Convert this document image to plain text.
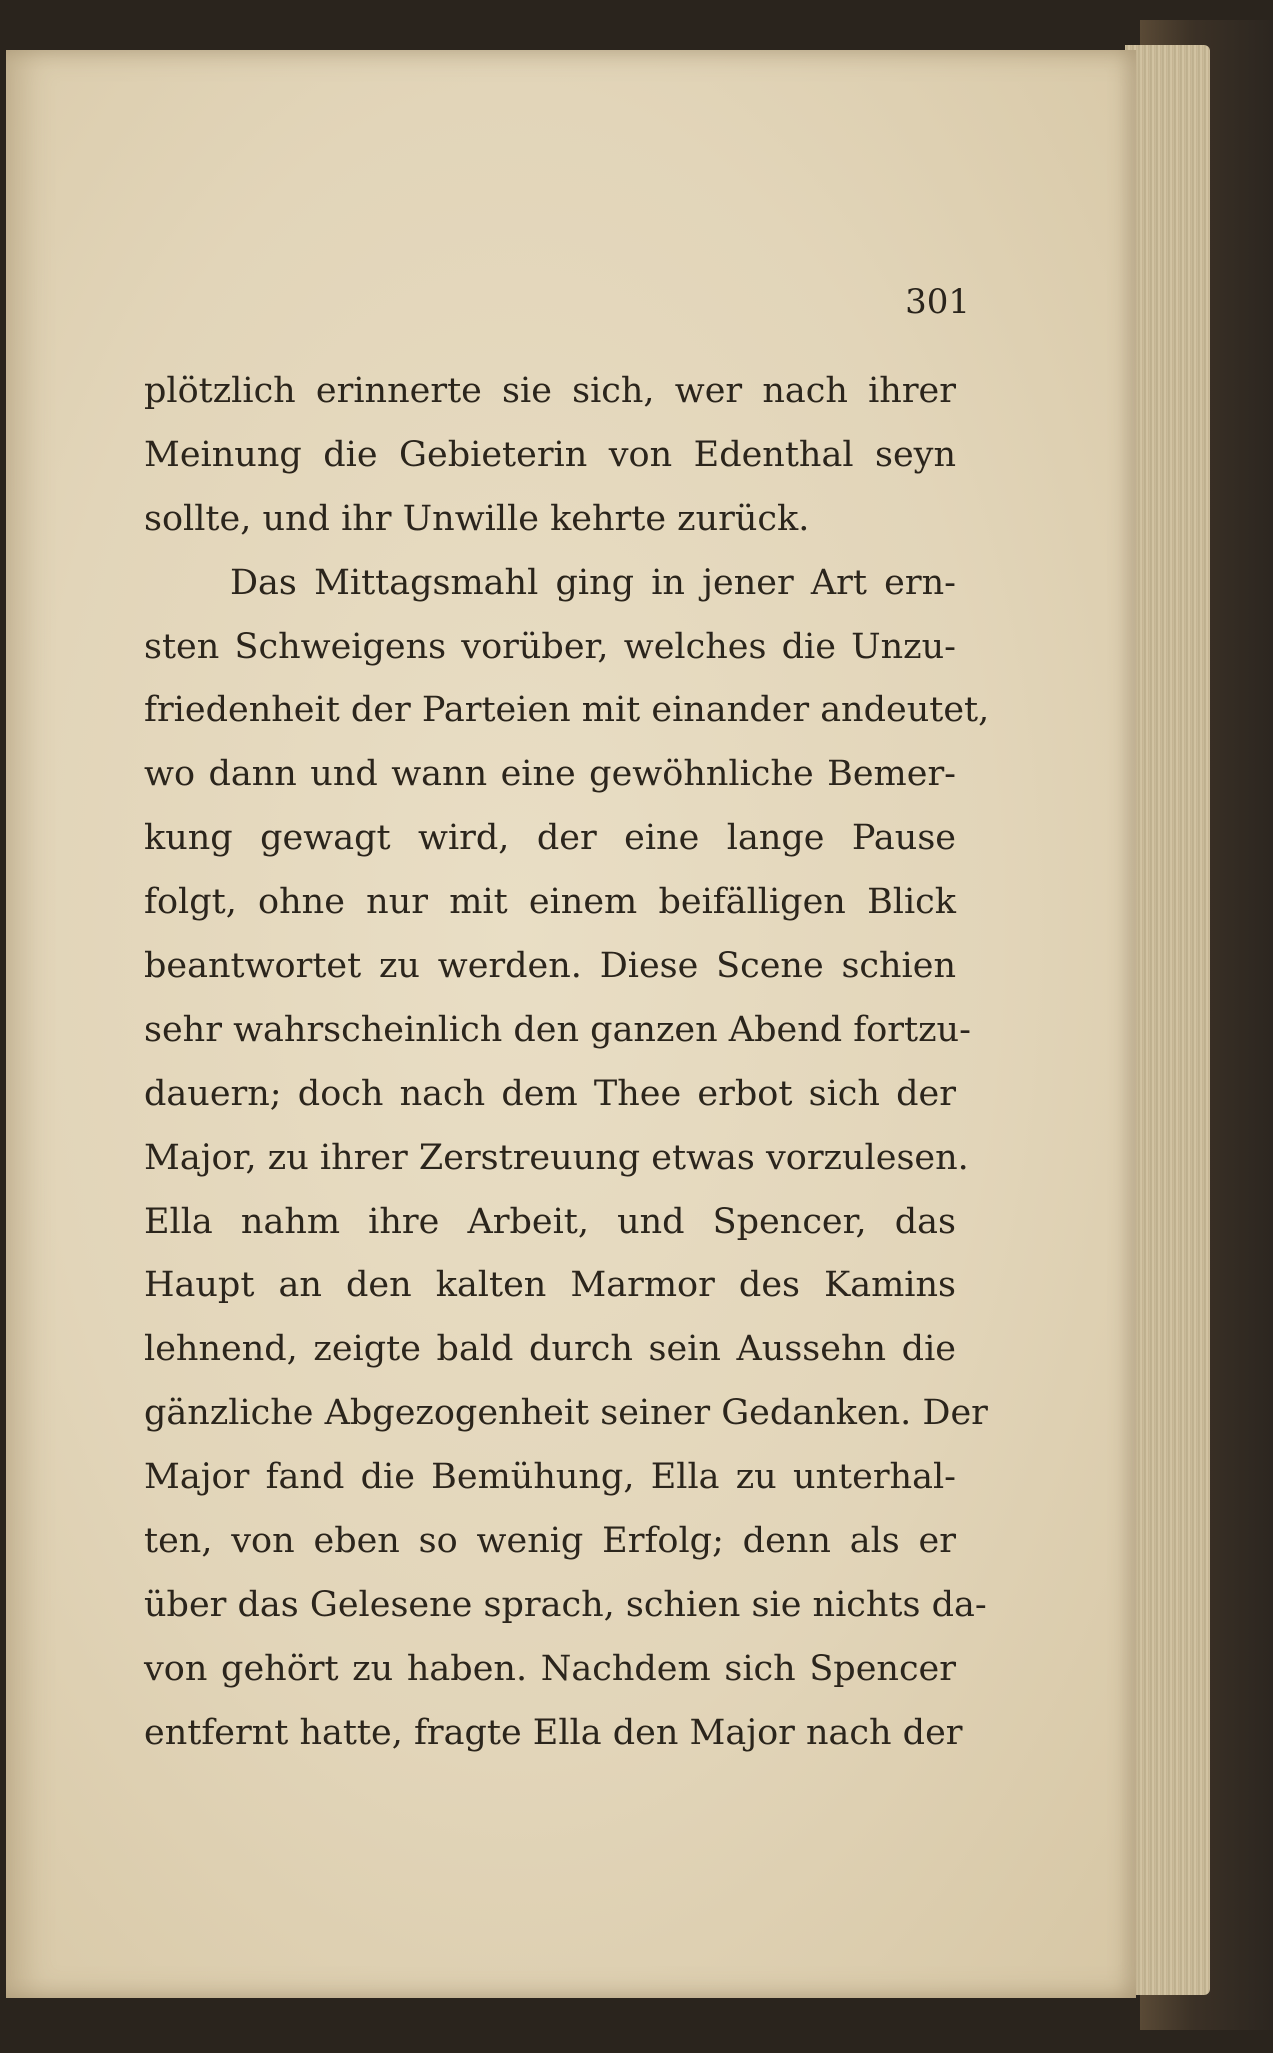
301
plötzlich erinnerte sie sich, wer nach ihrer
Meinung die Gebieterin von Edenthal seyn
sollte, und ihr Unwille kehrte zurück.
Das Mittagsmahl ging in jener Art ern-
sten Schweigens vorüber, welches die Unzu-
friedenheit der Parteien mit einander andeutet,
wo dann und wann eine gewöhnliche Bemer-
kung gewagt wird, der eine lange Pause
folgt, ohne nur mit einem beifälligen Blick
beantwortet zu werden. Diese Scene schien
sehr wahrscheinlich den ganzen Abend fortzu-
dauern; doch nach dem Thee erbot sich der
Major, zu ihrer Zerstreuung etwas vorzulesen.
Ella nahm ihre Arbeit, und Spencer, das
Haupt an den kalten Marmor des Kamins
lehnend, zeigte bald durch sein Aussehn die
gänzliche Abgezogenheit seiner Gedanken. Der
Major fand die Bemühung, Ella zu unterhal-
ten, von eben so wenig Erfolg; denn als er
über das Gelesene sprach, schien sie nichts da-
von gehört zu haben. Nachdem sich Spencer
entfernt hatte, fragte Ella den Major nach der
